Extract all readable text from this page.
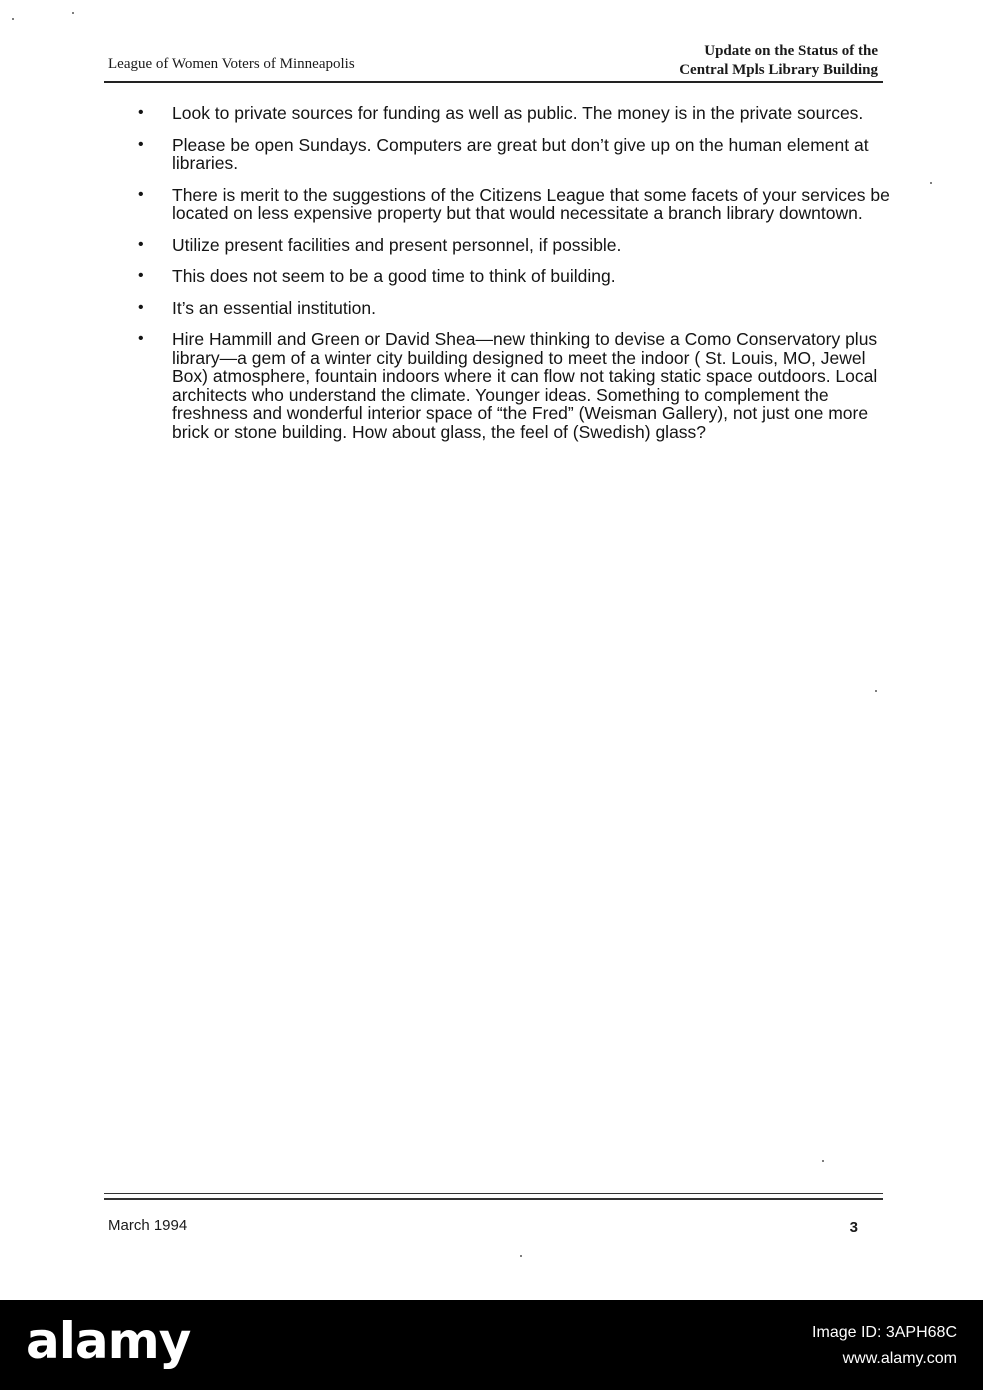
League of Women Voters of Minneapolis
Update on the Status of the
Central Mpls Library Building
• Look to private sources for funding as well as public. The money is in the private sources.
• Please be open Sundays. Computers are great but don’t give up on the human element at libraries.
• There is merit to the suggestions of the Citizens League that some facets of your services be located on less expensive property but that would necessitate a branch library downtown.
• Utilize present facilities and present personnel, if possible.
• This does not seem to be a good time to think of building.
• It’s an essential institution.
• Hire Hammill and Green or David Shea—new thinking to devise a Como Conservatory plus library—a gem of a winter city building designed to meet the indoor ( St. Louis, MO, Jewel Box) atmosphere, fountain indoors where it can flow not taking static space outdoors. Local architects who understand the climate. Younger ideas. Something to complement the freshness and wonderful interior space of “the Fred” (Weisman Gallery), not just one more brick or stone building. How about glass, the feel of (Swedish) glass?
March 1994	3
alamy	Image ID: 3APH68C
www.alamy.com
